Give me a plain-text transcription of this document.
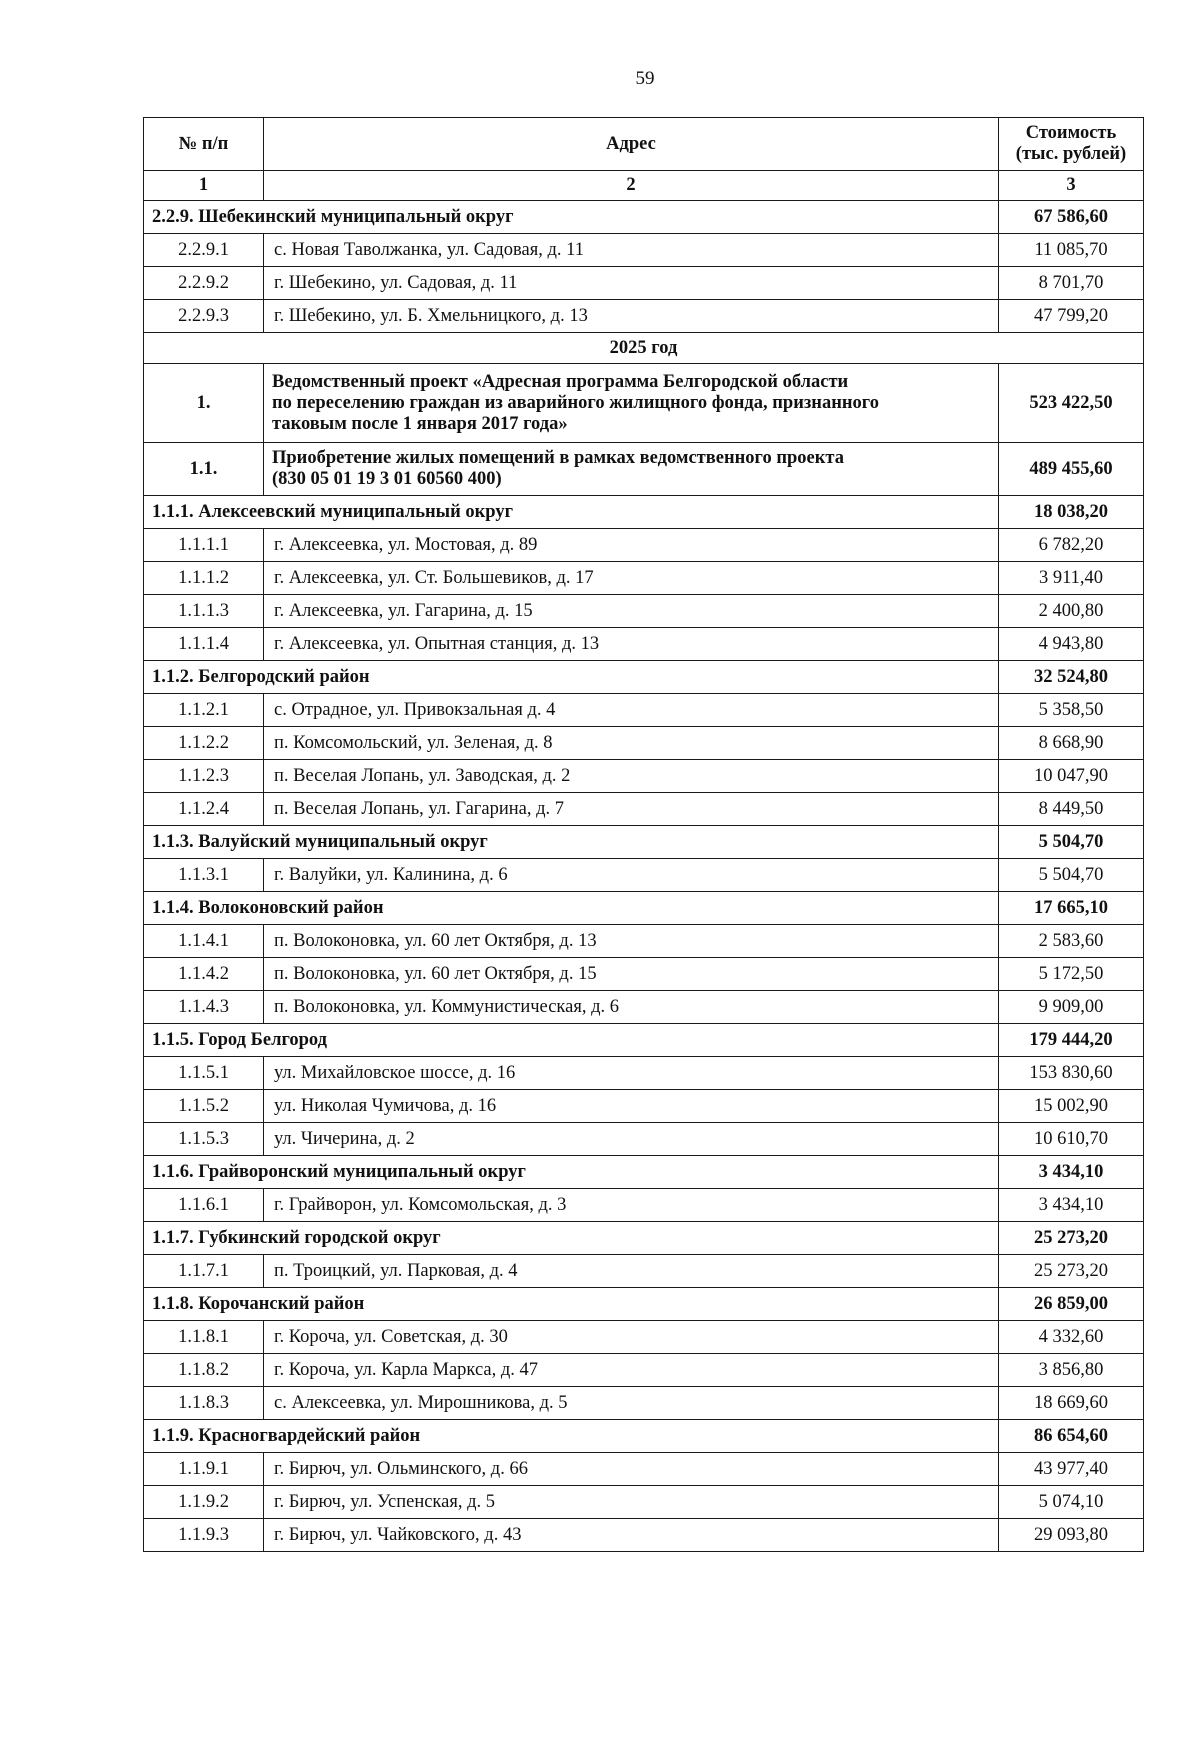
59
№ п/п	Адрес	Стоимость (тыс. рублей)
1	2	3
2.2.9. Шебекинский муниципальный округ		67 586,60
2.2.9.1	с. Новая Таволжанка, ул. Садовая, д. 11	11 085,70
2.2.9.2	г. Шебекино, ул. Садовая, д. 11	8 701,70
2.2.9.3	г. Шебекино, ул. Б. Хмельницкого, д. 13	47 799,20
2025 год		
1.	Ведомственный проект «Адресная программа Белгородской области
по переселению граждан из аварийного жилищного фонда, признанного
таковым после 1 января 2017 года»	523 422,50
1.1.	Приобретение жилых помещений в рамках ведомственного проекта
(830 05 01 19 3 01 60560 400)	489 455,60
1.1.1. Алексеевский муниципальный округ		18 038,20
1.1.1.1	г. Алексеевка, ул. Мостовая, д. 89	6 782,20
1.1.1.2	г. Алексеевка, ул. Ст. Большевиков, д. 17	3 911,40
1.1.1.3	г. Алексеевка, ул. Гагарина, д. 15	2 400,80
1.1.1.4	г. Алексеевка, ул. Опытная станция, д. 13	4 943,80
1.1.2. Белгородский район		32 524,80
1.1.2.1	с. Отрадное, ул. Привокзальная д. 4	5 358,50
1.1.2.2	п. Комсомольский, ул. Зеленая, д. 8	8 668,90
1.1.2.3	п. Веселая Лопань, ул. Заводская, д. 2	10 047,90
1.1.2.4	п. Веселая Лопань, ул. Гагарина, д. 7	8 449,50
1.1.3. Валуйский муниципальный округ		5 504,70
1.1.3.1	г. Валуйки, ул. Калинина, д. 6	5 504,70
1.1.4. Волоконовский район		17 665,10
1.1.4.1	п. Волоконовка, ул. 60 лет Октября, д. 13	2 583,60
1.1.4.2	п. Волоконовка, ул. 60 лет Октября, д. 15	5 172,50
1.1.4.3	п. Волоконовка, ул. Коммунистическая, д. 6	9 909,00
1.1.5. Город Белгород		179 444,20
1.1.5.1	ул. Михайловское шоссе, д. 16	153 830,60
1.1.5.2	ул. Николая Чумичова, д. 16	15 002,90
1.1.5.3	ул. Чичерина, д. 2	10 610,70
1.1.6. Грайворонский муниципальный округ		3 434,10
1.1.6.1	г. Грайворон, ул. Комсомольская, д. 3	3 434,10
1.1.7. Губкинский городской округ		25 273,20
1.1.7.1	п. Троицкий, ул. Парковая, д. 4	25 273,20
1.1.8. Корочанский район		26 859,00
1.1.8.1	г. Короча, ул. Советская, д. 30	4 332,60
1.1.8.2	г. Короча, ул. Карла Маркса, д. 47	3 856,80
1.1.8.3	с. Алексеевка, ул. Мирошникова, д. 5	18 669,60
1.1.9. Красногвардейский район		86 654,60
1.1.9.1	г. Бирюч, ул. Ольминского, д. 66	43 977,40
1.1.9.2	г. Бирюч, ул. Успенская, д. 5	5 074,10
1.1.9.3	г. Бирюч, ул. Чайковского, д. 43	29 093,80
